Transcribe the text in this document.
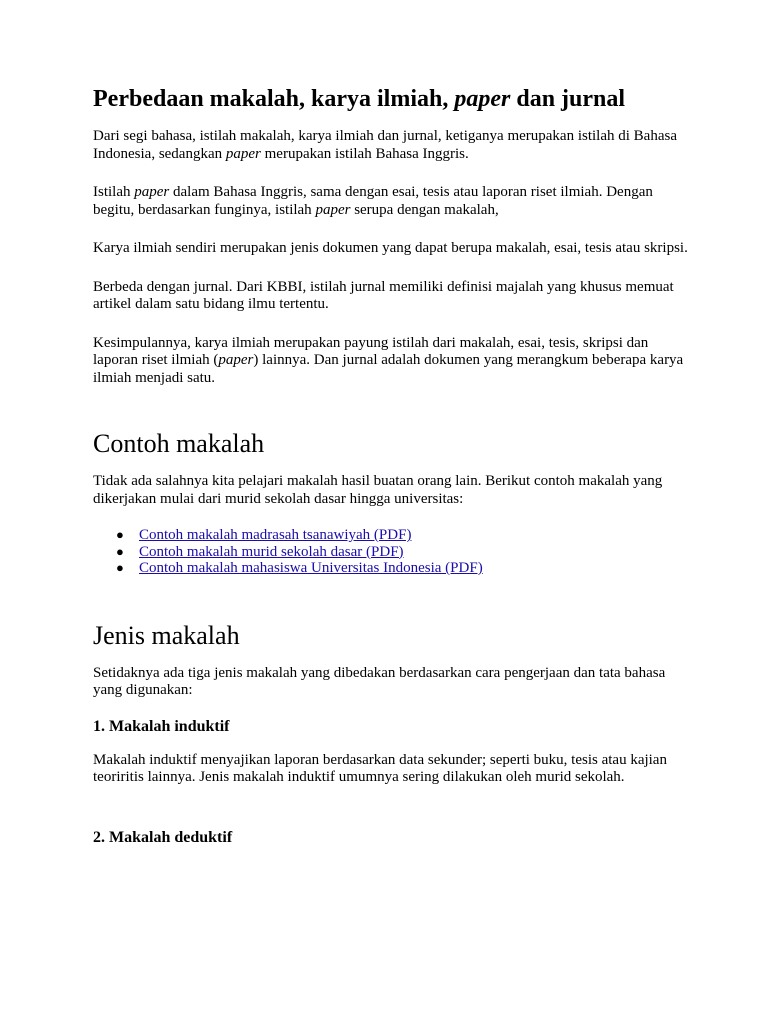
Perbedaan makalah, karya ilmiah, paper dan jurnal

Dari segi bahasa, istilah makalah, karya ilmiah dan jurnal, ketiganya merupakan istilah di Bahasa Indonesia, sedangkan paper merupakan istilah Bahasa Inggris.

Istilah paper dalam Bahasa Inggris, sama dengan esai, tesis atau laporan riset ilmiah. Dengan begitu, berdasarkan funginya, istilah paper serupa dengan makalah,

Karya ilmiah sendiri merupakan jenis dokumen yang dapat berupa makalah, esai, tesis atau skripsi.

Berbeda dengan jurnal. Dari KBBI, istilah jurnal memiliki definisi majalah yang khusus memuat artikel dalam satu bidang ilmu tertentu.

Kesimpulannya, karya ilmiah merupakan payung istilah dari makalah, esai, tesis, skripsi dan laporan riset ilmiah (paper) lainnya. Dan jurnal adalah dokumen yang merangkum beberapa karya ilmiah menjadi satu.

Contoh makalah

Tidak ada salahnya kita pelajari makalah hasil buatan orang lain. Berikut contoh makalah yang dikerjakan mulai dari murid sekolah dasar hingga universitas:

● Contoh makalah madrasah tsanawiyah (PDF)
● Contoh makalah murid sekolah dasar (PDF)
● Contoh makalah mahasiswa Universitas Indonesia (PDF)
Jenis makalah

Setidaknya ada tiga jenis makalah yang dibedakan berdasarkan cara pengerjaan dan tata bahasa yang digunakan:

1. Makalah induktif

Makalah induktif menyajikan laporan berdasarkan data sekunder; seperti buku, tesis atau kajian teoriritis lainnya. Jenis makalah induktif umumnya sering dilakukan oleh murid sekolah.

2. Makalah deduktif
